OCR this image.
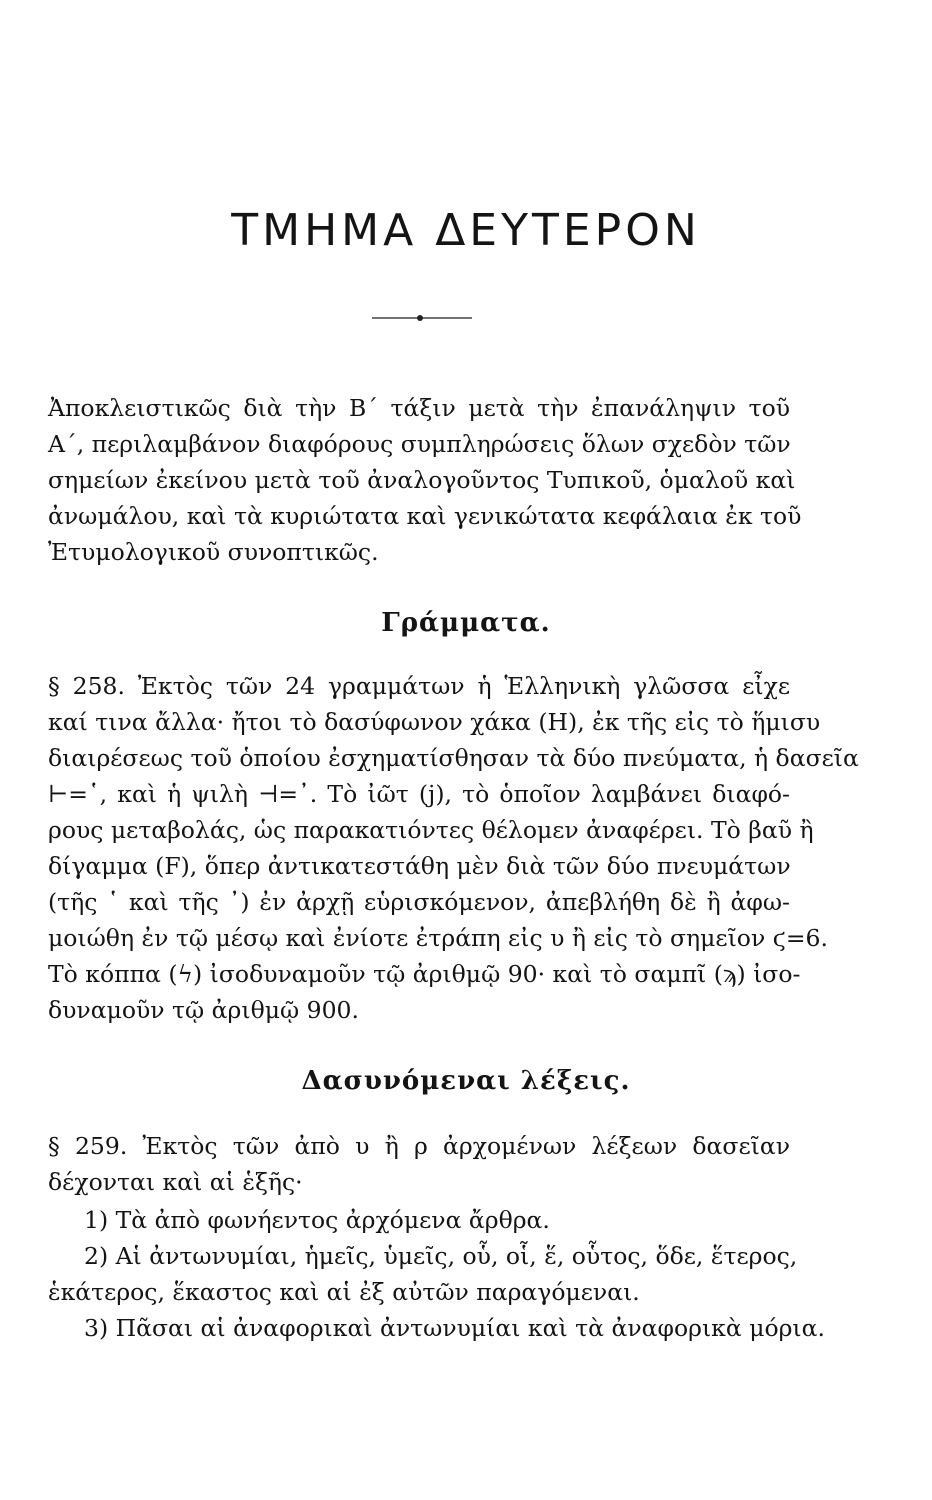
ΤΜΗΜΑ ΔΕΥΤΕΡΟΝ

Ἀποκλειστικῶς διὰ τὴν Β΄ τάξιν μετὰ τὴν ἐπανάληψιν τοῦ
Α΄, περιλαμβάνον διαφόρους συμπληρώσεις ὅλων σχεδὸν τῶν
σημείων ἐκείνου μετὰ τοῦ ἀναλογοῦντος Τυπικοῦ, ὁμαλοῦ καὶ
ἀνωμάλου, καὶ τὰ κυριώτατα καὶ γενικώτατα κεφάλαια ἐκ τοῦ
Ἐτυμολογικοῦ συνοπτικῶς.

Γράμματα.

§ 258. Ἐκτὸς τῶν 24 γραμμάτων ἡ Ἑλληνικὴ γλῶσσα εἶχε
καί τινα ἄλλα· ἤτοι τὸ δασύφωνον χάκα (Η), ἐκ τῆς εἰς τὸ ἥμισυ
διαιρέσεως τοῦ ὁποίου ἐσχηματίσθησαν τὰ δύο πνεύματα, ἡ δασεῖα
⊢=῾, καὶ ἡ ψιλὴ ⊣=᾿. Τὸ ἰῶτ (j), τὸ ὁποῖον λαμβάνει διαφό-
ρους μεταβολάς, ὡς παρακατιόντες θέλομεν ἀναφέρει. Τὸ βαῦ ἢ
δίγαμμα (F), ὅπερ ἀντικατεστάθη μὲν διὰ τῶν δύο πνευμάτων
(τῆς ῾ καὶ τῆς ᾿) ἐν ἀρχῇ εὑρισκόμενον, ἀπεβλήθη δὲ ἢ ἀφω-
μοιώθη ἐν τῷ μέσῳ καὶ ἐνίοτε ἐτράπη εἰς υ ἢ εἰς τὸ σημεῖον ϛ=6.
Τὸ κόππα (ϟ) ἰσοδυναμοῦν τῷ ἀριθμῷ 90· καὶ τὸ σαμπῖ (ϡ) ἰσο-
δυναμοῦν τῷ ἀριθμῷ 900.

Δασυνόμεναι λέξεις.

§ 259. Ἐκτὸς τῶν ἀπὸ υ ἢ ρ ἀρχομένων λέξεων δασεῖαν
δέχονται καὶ αἱ ἑξῆς·

1) Τὰ ἀπὸ φωνήεντος ἀρχόμενα ἄρθρα.
2) Αἱ ἀντωνυμίαι, ἡμεῖς, ὑμεῖς, οὗ, οἷ, ἕ, οὗτος, ὅδε, ἕτερος,
ἑκάτερος, ἕκαστος καὶ αἱ ἐξ αὐτῶν παραγόμεναι.
3) Πᾶσαι αἱ ἀναφορικαὶ ἀντωνυμίαι καὶ τὰ ἀναφορικὰ μόρια.
